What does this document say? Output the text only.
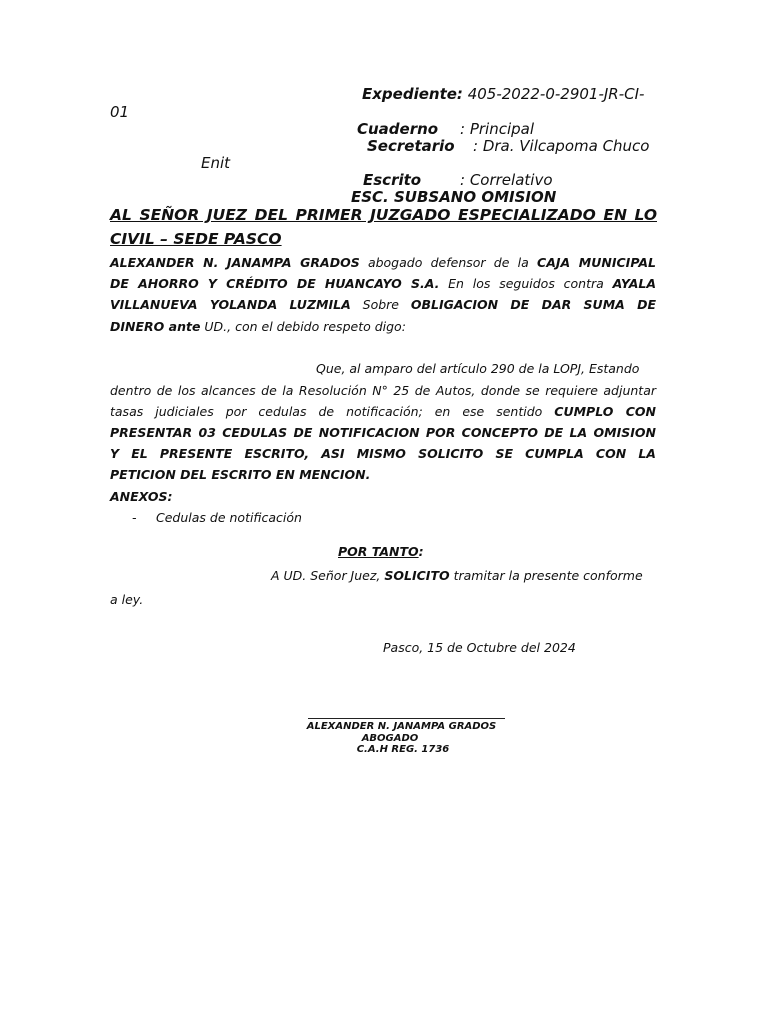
Expediente: 405-2022-0-2901-JR-CI-
01
Cuaderno : Principal
Secretario : Dra. Vilcapoma Chuco
Enit
Escrito	: Correlativo
ESC. SUBSANO OMISION
AL SEÑOR JUEZ DEL PRIMER JUZGADO ESPECIALIZADO EN LO
CIVIL – SEDE PASCO
ALEXANDER N. JANAMPA GRADOS abogado defensor de la CAJA MUNICIPAL
DE AHORRO Y CRÉDITO DE HUANCAYO S.A. En los seguidos contra AYALA
VILLANUEVA YOLANDA LUZMILA Sobre OBLIGACION DE DAR SUMA DE
DINERO ante UD., con el debido respeto digo:
Que, al amparo del artículo 290 de la LOPJ, Estando
dentro de los alcances de la Resolución N° 25 de Autos, donde se requiere adjuntar
tasas judiciales por cedulas de notificación; en ese sentido CUMPLO CON
PRESENTAR 03 CEDULAS DE NOTIFICACION POR CONCEPTO DE LA OMISION
Y EL PRESENTE ESCRITO, ASI MISMO SOLICITO SE CUMPLA CON LA
PETICION DEL ESCRITO EN MENCION.
ANEXOS:
- Cedulas de notificación
POR TANTO:
A UD. Señor Juez, SOLICITO tramitar la presente conforme
a ley.
Pasco, 15 de Octubre del 2024
ALEXANDER N. JANAMPA GRADOS
ABOGADO
C.A.H REG. 1736
